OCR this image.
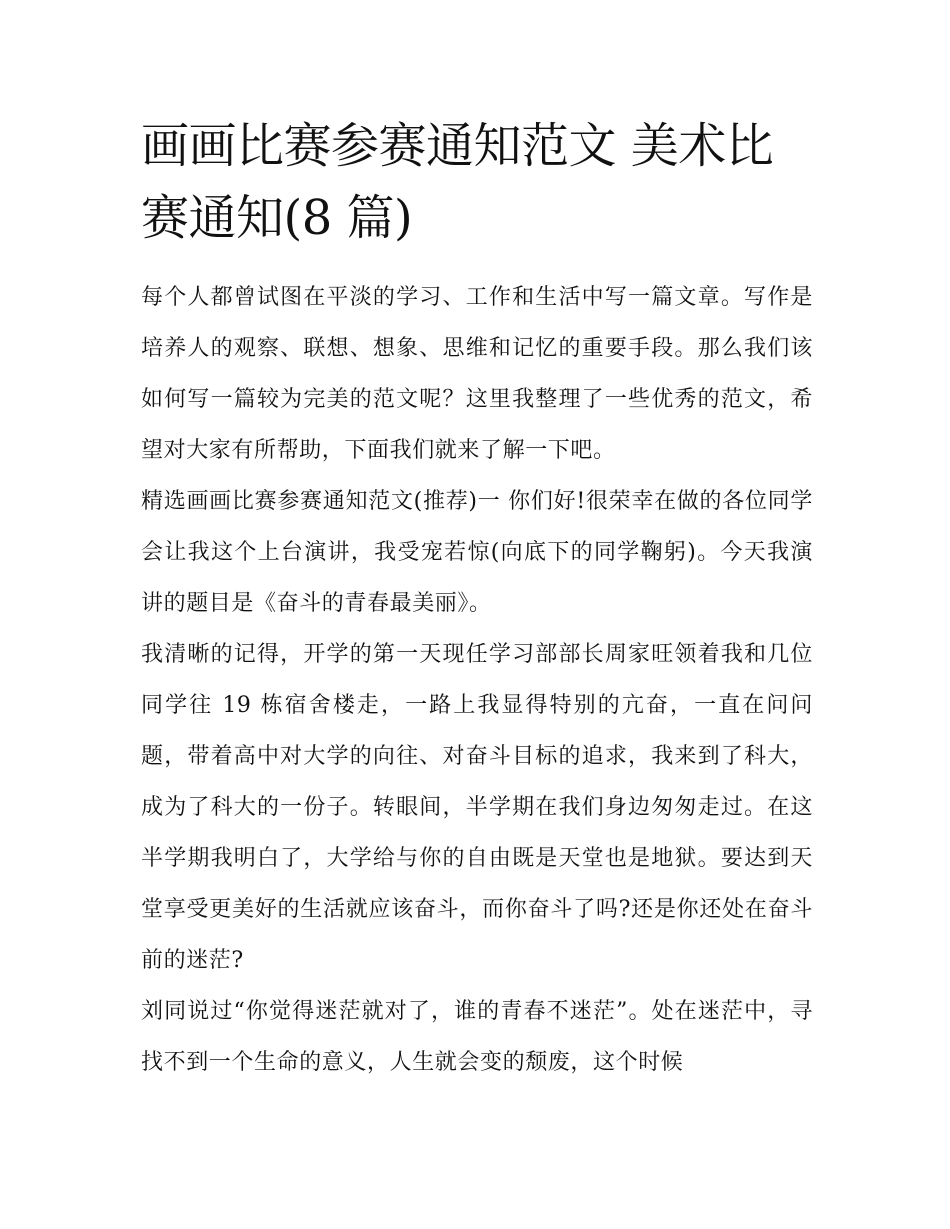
画画比赛参赛通知范文 美术比赛通知(8 篇)

每个人都曾试图在平淡的学习、工作和生活中写一篇文章。写作是培养人的观察、联想、想象、思维和记忆的重要手段。那么我们该如何写一篇较为完美的范文呢？这里我整理了一些优秀的范文，希望对大家有所帮助，下面我们就来了解一下吧。

精选画画比赛参赛通知范文(推荐)一 你们好!很荣幸在做的各位同学会让我这个上台演讲，我受宠若惊(向底下的同学鞠躬)。今天我演讲的题目是《奋斗的青春最美丽》。

我清晰的记得，开学的第一天现任学习部部长周家旺领着我和几位同学往 19 栋宿舍楼走，一路上我显得特别的亢奋，一直在问问题，带着高中对大学的向往、对奋斗目标的追求，我来到了科大，成为了科大的一份子。转眼间，半学期在我们身边匆匆走过。在这半学期我明白了，大学给与你的自由既是天堂也是地狱。要达到天堂享受更美好的生活就应该奋斗，而你奋斗了吗?还是你还处在奋斗前的迷茫?

刘同说过“你觉得迷茫就对了，谁的青春不迷茫”。处在迷茫中，寻找不到一个生命的意义，人生就会变的颓废，这个时候
